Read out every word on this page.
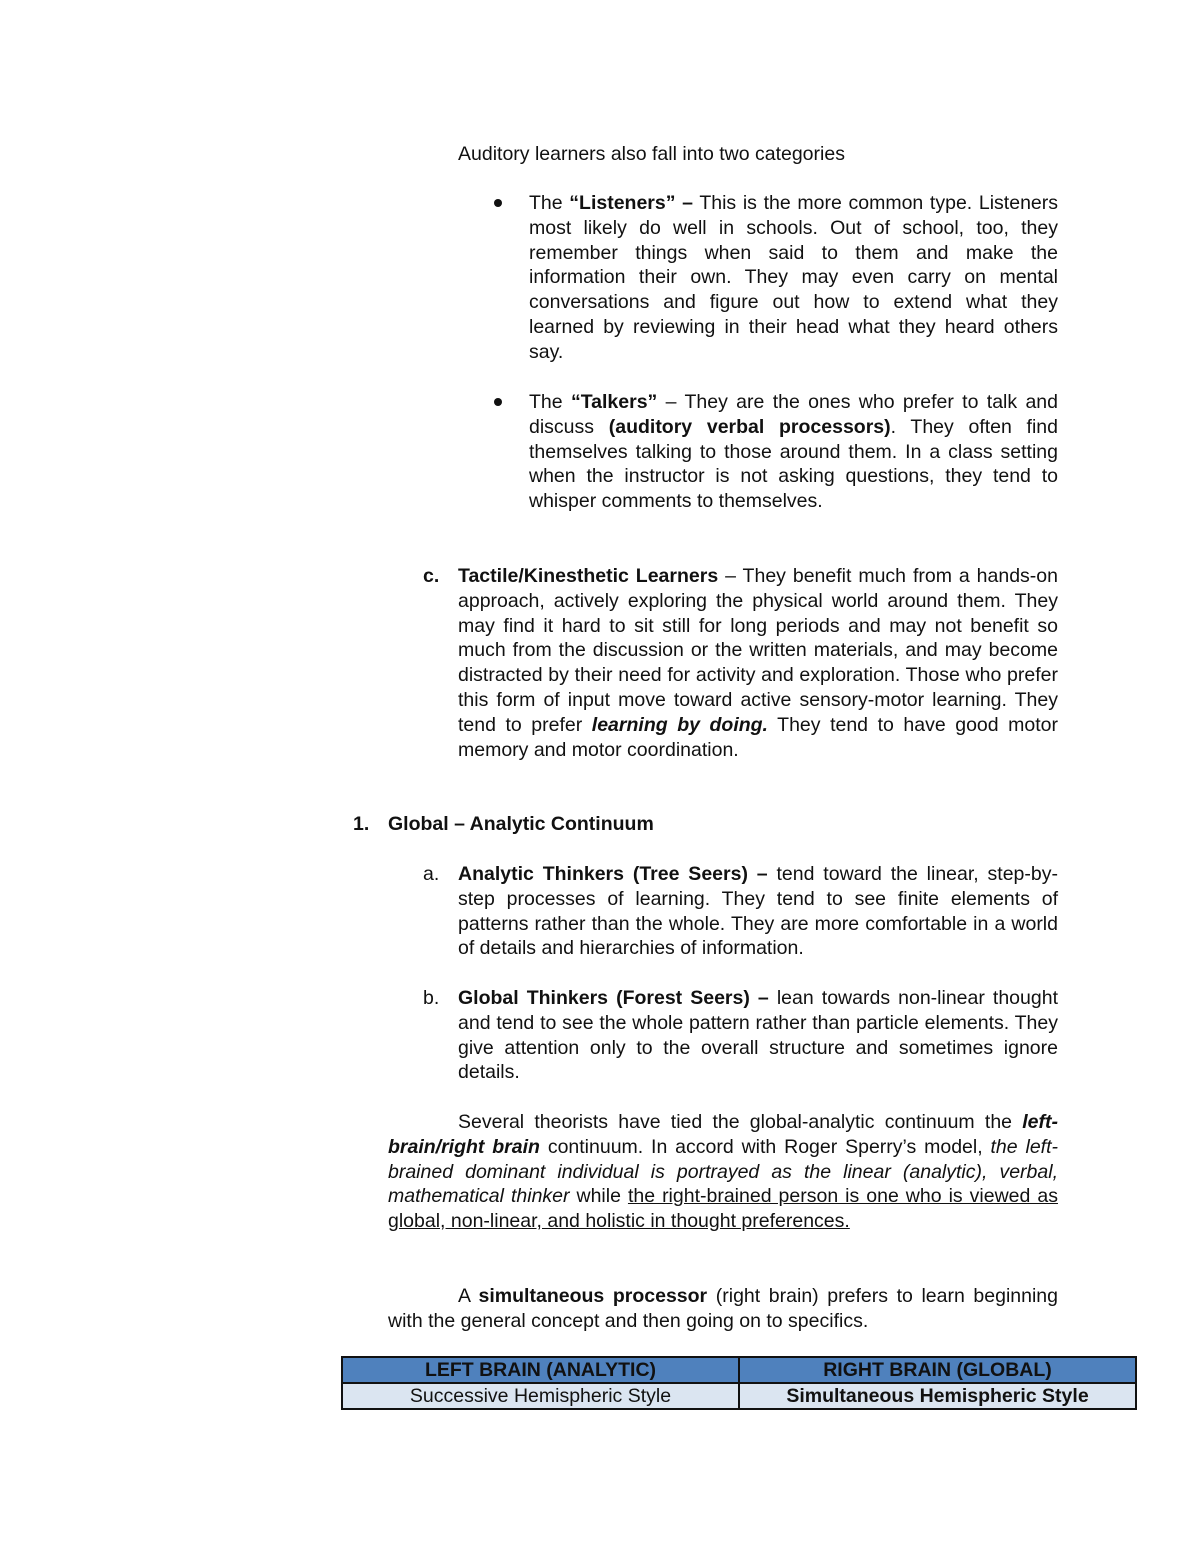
Auditory learners also fall into two categories

The “Listeners” – This is the more common type. Listeners most likely do well in schools. Out of school, too, they remember things when said to them and make the information their own. They may even carry on mental conversations and figure out how to extend what they learned by reviewing in their head what they heard others say.

The “Talkers” – They are the ones who prefer to talk and discuss (auditory verbal processors). They often find themselves talking to those around them. In a class setting when the instructor is not asking questions, they tend to whisper comments to themselves.

c. Tactile/Kinesthetic Learners – They benefit much from a hands-on approach, actively exploring the physical world around them. They may find it hard to sit still for long periods and may not benefit so much from the discussion or the written materials, and may become distracted by their need for activity and exploration. Those who prefer this form of input move toward active sensory-motor learning. They tend to prefer learning by doing. They tend to have good motor memory and motor coordination.

1. Global – Analytic Continuum

a. Analytic Thinkers (Tree Seers) – tend toward the linear, step-by-step processes of learning. They tend to see finite elements of patterns rather than the whole. They are more comfortable in a world of details and hierarchies of information.

b. Global Thinkers (Forest Seers) – lean towards non-linear thought and tend to see the whole pattern rather than particle elements. They give attention only to the overall structure and sometimes ignore details.

Several theorists have tied the global-analytic continuum the left-brain/right brain continuum. In accord with Roger Sperry’s model, the left-brained dominant individual is portrayed as the linear (analytic), verbal, mathematical thinker while the right-brained person is one who is viewed as global, non-linear, and holistic in thought preferences.

A simultaneous processor (right brain) prefers to learn beginning with the general concept and then going on to specifics.

LEFT BRAIN (ANALYTIC)	RIGHT BRAIN (GLOBAL)
Successive Hemispheric Style	Simultaneous Hemispheric Style
